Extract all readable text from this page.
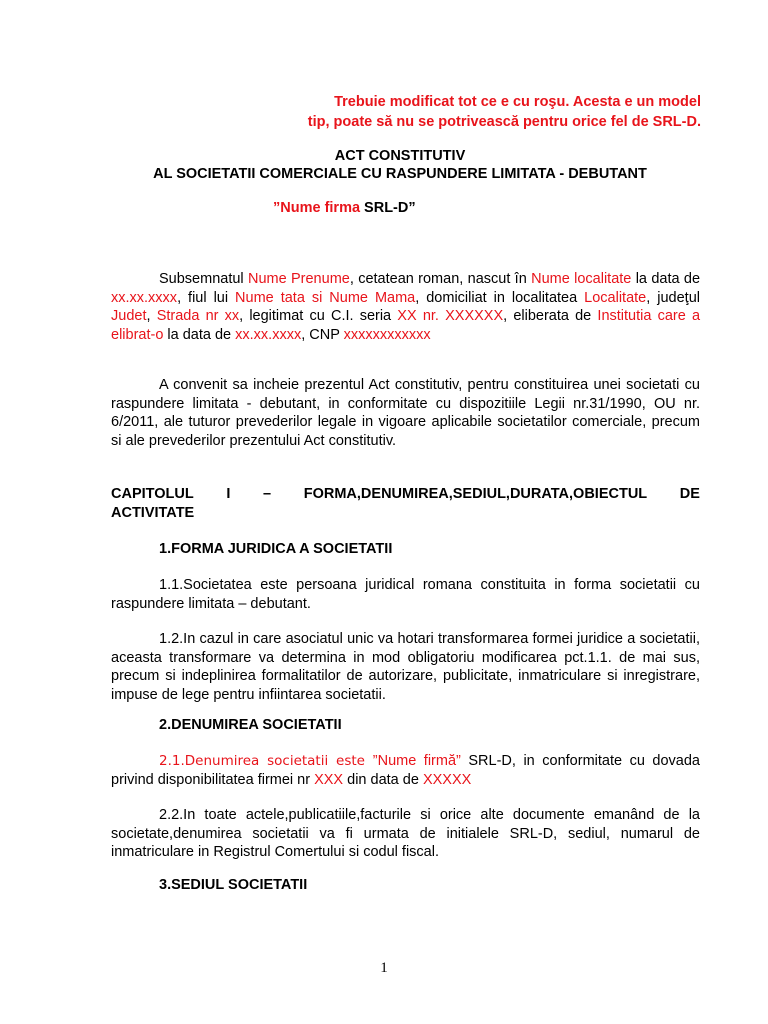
Trebuie modificat tot ce e cu roşu. Acesta e un model
tip, poate să nu se potrivească pentru orice fel de SRL-D.
ACT CONSTITUTIV
AL SOCIETATII COMERCIALE CU RASPUNDERE LIMITATA - DEBUTANT
”Nume firma SRL-D”
Subsemnatul Nume Prenume, cetatean roman, nascut în Nume localitate la data de xx.xx.xxxx, fiul lui Nume tata si Nume Mama, domiciliat in localitatea Localitate, judeţul Judet, Strada nr xx, legitimat cu C.I. seria XX nr. XXXXXX, eliberata de Institutia care a elibrat-o la data de xx.xx.xxxx, CNP xxxxxxxxxxxx
A convenit sa incheie prezentul Act constitutiv, pentru constituirea unei societati cu raspundere limitata - debutant, in conformitate cu dispozitiile Legii nr.31/1990, OU nr. 6/2011, ale tuturor prevederilor legale in vigoare aplicabile societatilor comerciale, precum si ale prevederilor prezentului Act constitutiv.
CAPITOLUL I – FORMA,DENUMIREA,SEDIUL,DURATA,OBIECTUL DE
ACTIVITATE
1.FORMA JURIDICA A SOCIETATII
1.1.Societatea este persoana juridical romana constituita in forma societatii cu raspundere limitata – debutant.
1.2.In cazul in care asociatul unic va hotari transformarea formei juridice a societatii, aceasta transformare va determina in mod obligatoriu modificarea pct.1.1. de mai sus, precum si indeplinirea formalitatilor de autorizare, publicitate, inmatriculare si inregistrare, impuse de lege pentru infiintarea societatii.
2.DENUMIREA SOCIETATII
2.1.Denumirea societatii este ”Nume firmă” SRL-D, in conformitate cu dovada privind disponibilitatea firmei nr XXX din data de XXXXX
2.2.In toate actele,publicatiile,facturile si orice alte documente emanând de la societate,denumirea societatii va fi urmata de initialele SRL-D, sediul, numarul de inmatriculare in Registrul Comertului si codul fiscal.
3.SEDIUL SOCIETATII
1
